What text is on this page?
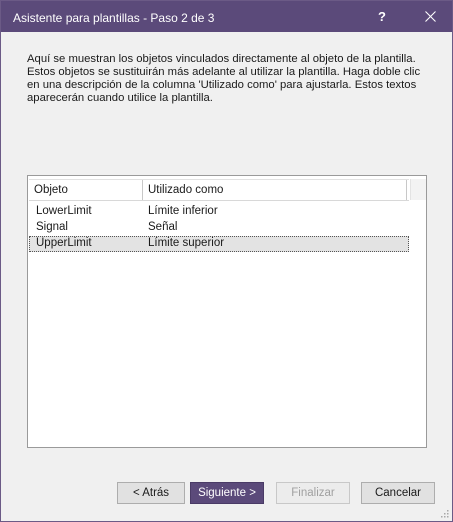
Asistente para plantillas - Paso 2 de 3	?
Aquí se muestran los objetos vinculados directamente al objeto de la plantilla. Estos objetos se sustituirán más adelante al utilizar la plantilla. Haga doble clic en una descripción de la columna 'Utilizado como' para ajustarla. Estos textos aparecerán cuando utilice la plantilla.
Objeto	Utilizado como
LowerLimit	Límite inferior
Signal	Señal
UpperLimit	Límite superior
< Atrás	Siguiente >	Finalizar	Cancelar
